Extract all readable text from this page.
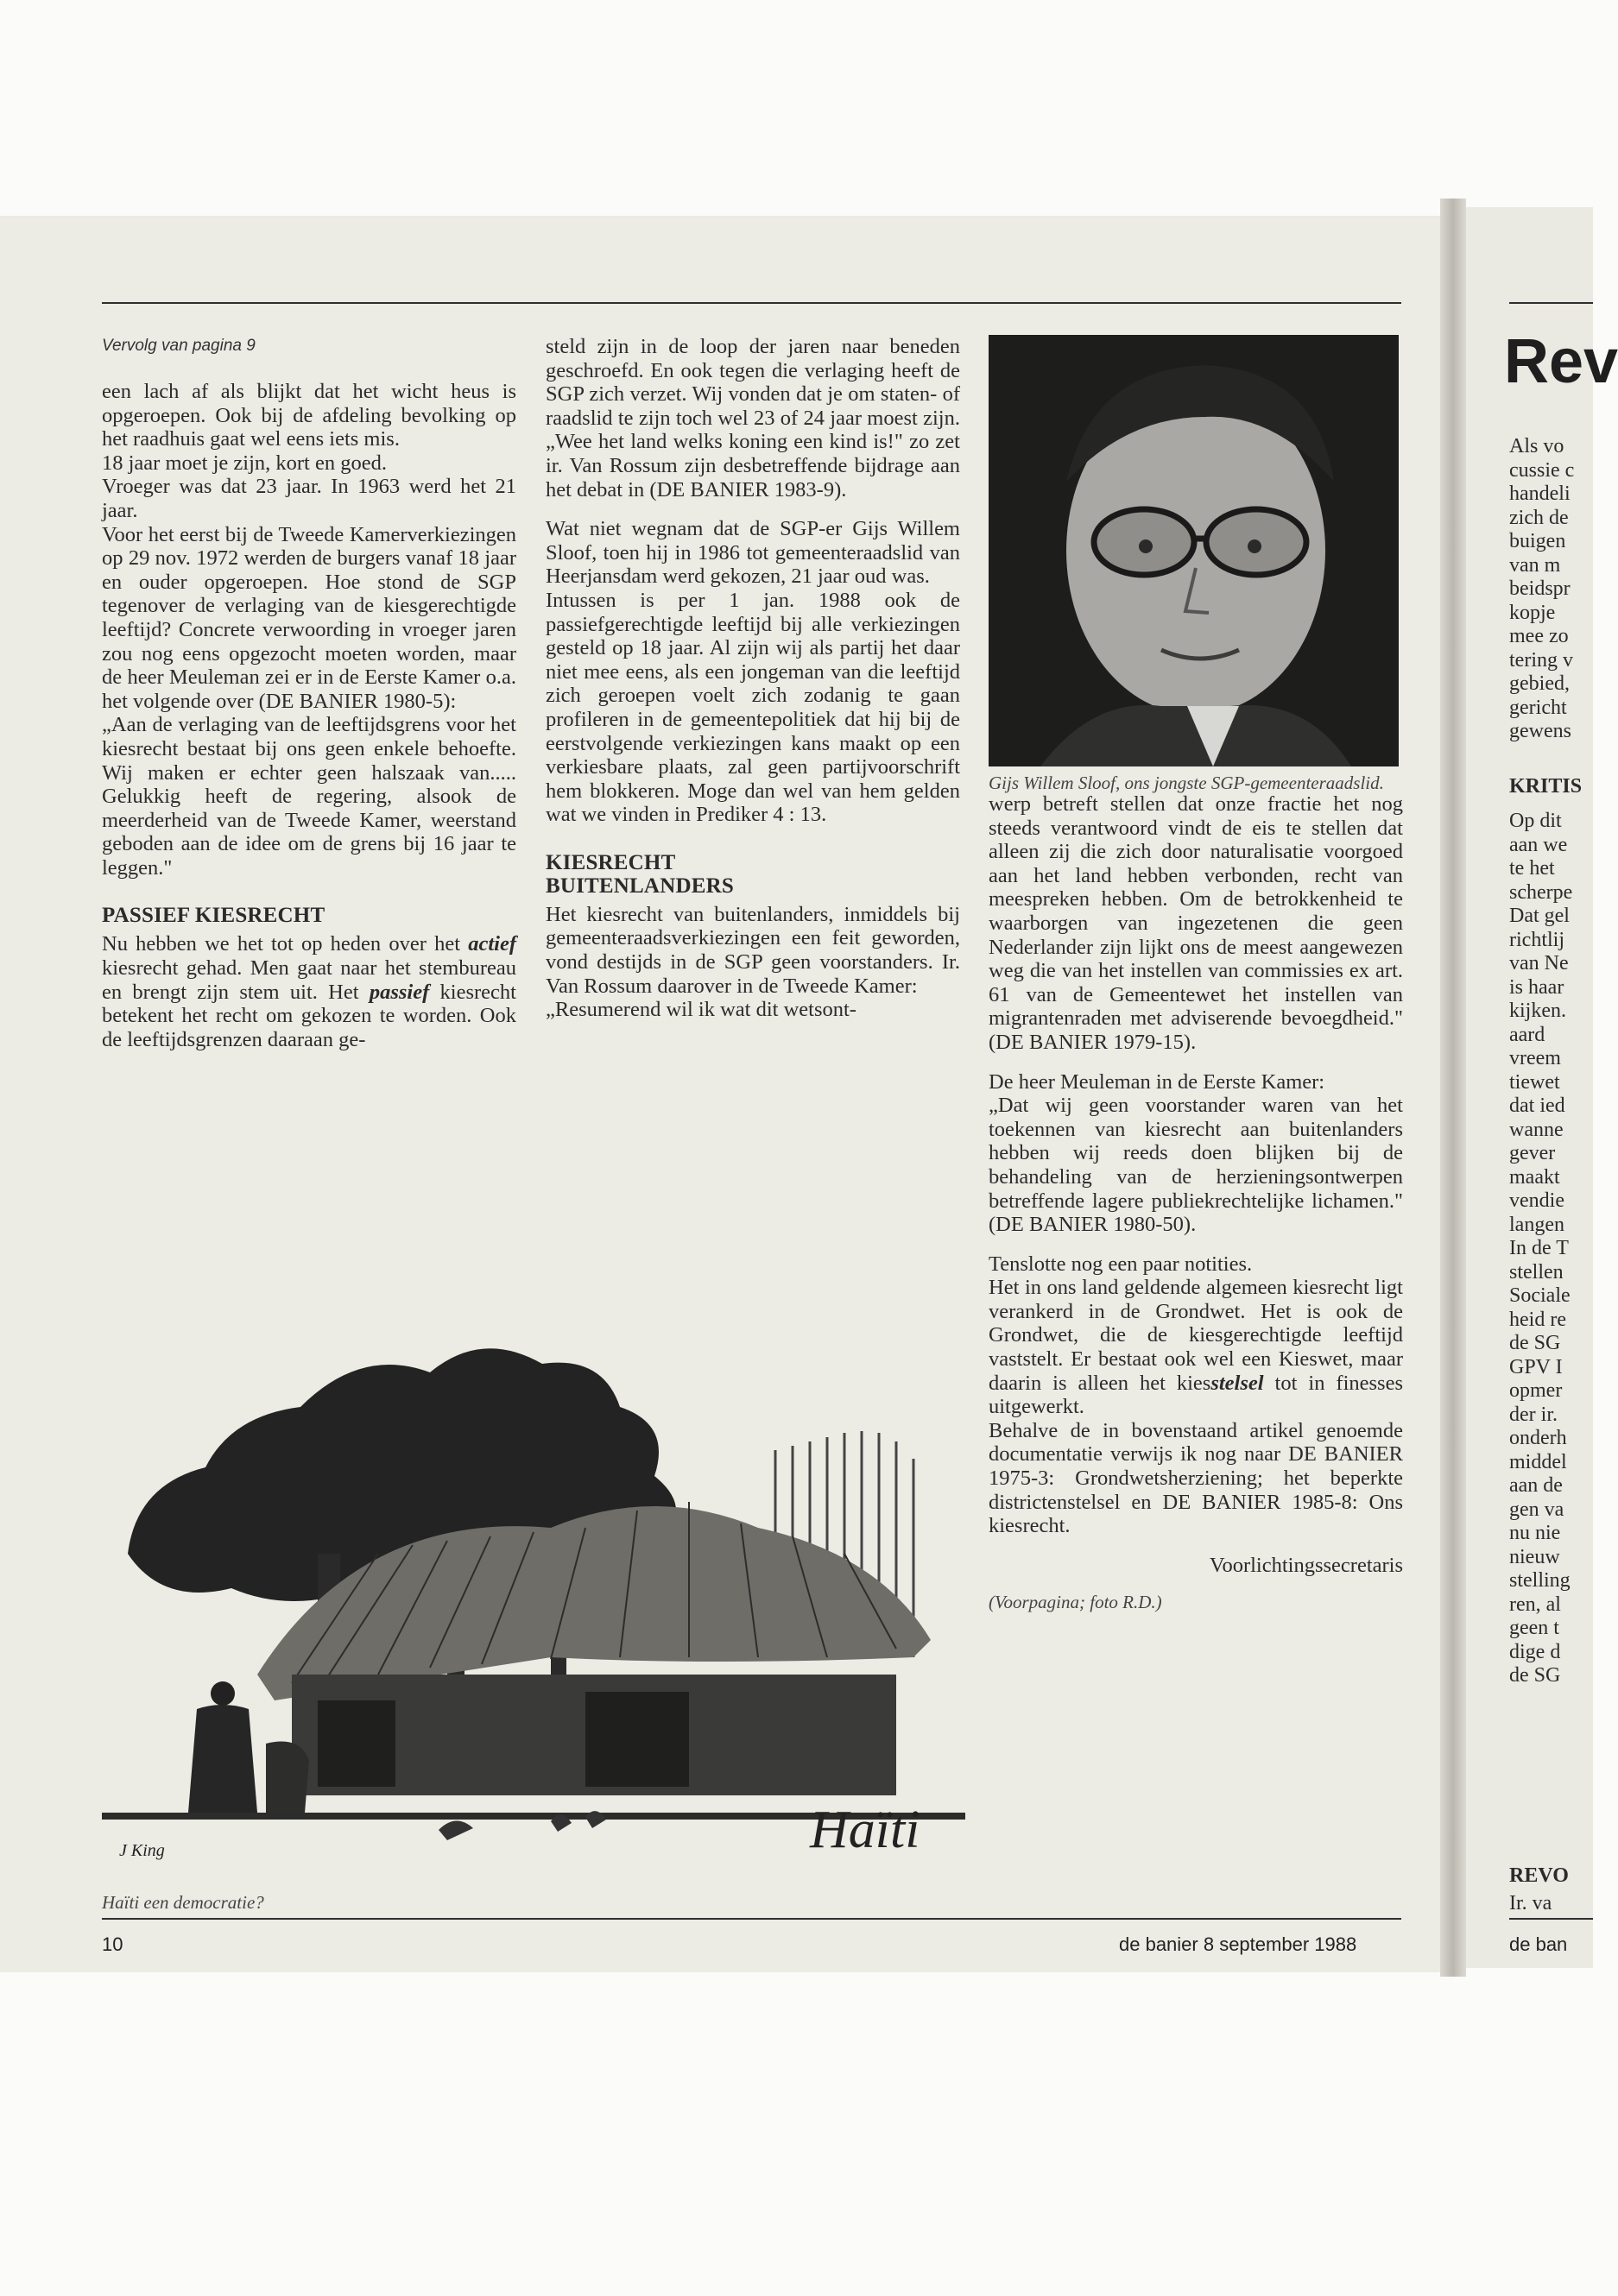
Vervolg van pagina 9

een lach af als blijkt dat het wicht heus is opgeroepen. Ook bij de afdeling bevolking op het raadhuis gaat wel eens iets mis.

18 jaar moet je zijn, kort en goed.

Vroeger was dat 23 jaar. In 1963 werd het 21 jaar.

Voor het eerst bij de Tweede Kamerverkiezingen op 29 nov. 1972 werden de burgers vanaf 18 jaar en ouder opgeroepen. Hoe stond de SGP tegenover de verlaging van de kiesgerechtigde leeftijd? Concrete verwoording in vroeger jaren zou nog eens opgezocht moeten worden, maar de heer Meuleman zei er in de Eerste Kamer o.a. het volgende over (DE BANIER 1980-5):

„Aan de verlaging van de leeftijdsgrens voor het kiesrecht bestaat bij ons geen enkele behoefte. Wij maken er echter geen halszaak van..... Gelukkig heeft de regering, alsook de meerderheid van de Tweede Kamer, weerstand geboden aan de idee om de grens bij 16 jaar te leggen."

PASSIEF KIESRECHT

Nu hebben we het tot op heden over het actief kiesrecht gehad. Men gaat naar het stembureau en brengt zijn stem uit. Het passief kiesrecht betekent het recht om gekozen te worden. Ook de leeftijdsgrenzen daaraan ge-

steld zijn in de loop der jaren naar beneden geschroefd. En ook tegen die verlaging heeft de SGP zich verzet. Wij vonden dat je om staten- of raadslid te zijn toch wel 23 of 24 jaar moest zijn. „Wee het land welks koning een kind is!" zo zet ir. Van Rossum zijn desbetreffende bijdrage aan het debat in (DE BANIER 1983-9).

Wat niet wegnam dat de SGP-er Gijs Willem Sloof, toen hij in 1986 tot gemeenteraadslid van Heerjansdam werd gekozen, 21 jaar oud was.

Intussen is per 1 jan. 1988 ook de passiefgerechtigde leeftijd bij alle verkiezingen gesteld op 18 jaar. Al zijn wij als partij het daar niet mee eens, als een jongeman van die leeftijd zich geroepen voelt zich zodanig te gaan profileren in de gemeentepolitiek dat hij bij de eerstvolgende verkiezingen kans maakt op een verkiesbare plaats, zal geen partijvoorschrift hem blokkeren. Moge dan wel van hem gelden wat we vinden in Prediker 4 : 13.

KIESRECHT
BUITENLANDERS

Het kiesrecht van buitenlanders, inmiddels bij gemeenteraadsverkiezingen een feit geworden, vond destijds in de SGP geen voorstanders. Ir. Van Rossum daarover in de Tweede Kamer:

„Resumerend wil ik wat dit wetsont-

Gijs Willem Sloof, ons jongste SGP-gemeenteraadslid.

werp betreft stellen dat onze fractie het nog steeds verantwoord vindt de eis te stellen dat alleen zij die zich door naturalisatie voorgoed aan het land hebben verbonden, recht van meespreken hebben. Om de betrokkenheid te waarborgen van ingezetenen die geen Nederlander zijn lijkt ons de meest aangewezen weg die van het instellen van commissies ex art. 61 van de Gemeentewet het instellen van migrantenraden met adviserende bevoegdheid." (DE BANIER 1979-15).

De heer Meuleman in de Eerste Kamer:

„Dat wij geen voorstander waren van het toekennen van kiesrecht aan buitenlanders hebben wij reeds doen blijken bij de behandeling van de herzieningsontwerpen betreffende lagere publiekrechtelijke lichamen." (DE BANIER 1980-50).

Tenslotte nog een paar notities.

Het in ons land geldende algemeen kiesrecht ligt verankerd in de Grondwet. Het is ook de Grondwet, die de kiesgerechtigde leeftijd vaststelt. Er bestaat ook wel een Kieswet, maar daarin is alleen het kiesstelsel tot in finesses uitgewerkt.

Behalve de in bovenstaand artikel genoemde documentatie verwijs ik nog naar DE BANIER 1975-3: Grondwetsherziening; het beperkte districtenstelsel en DE BANIER 1985-8: Ons kiesrecht.

Voorlichtingssecretaris
(Voorpagina; foto R.D.)
J King	Haïti
Haïti een democratie?
10	de banier 8 september 1988	de ban
Rev
Als vo
cussie c
handeli
zich de
buigen
van m
beidspr
kopje
mee zo
tering v
gebied,
gericht
gewens
KRITIS
Op dit
aan we
te het
scherpe
Dat gel
richtlij
van Ne
is haar
kijken.
aard
vreem
tiewet
dat ied
wanne
gever
maakt
vendie
langen
In de T
stellen
Sociale
heid re
de SG
GPV I
opmer
der ir.
onderh
middel
aan de
gen va
nu nie
nieuw
stelling
ren, al
geen t
dige d
de SG
REVO
Ir. va
